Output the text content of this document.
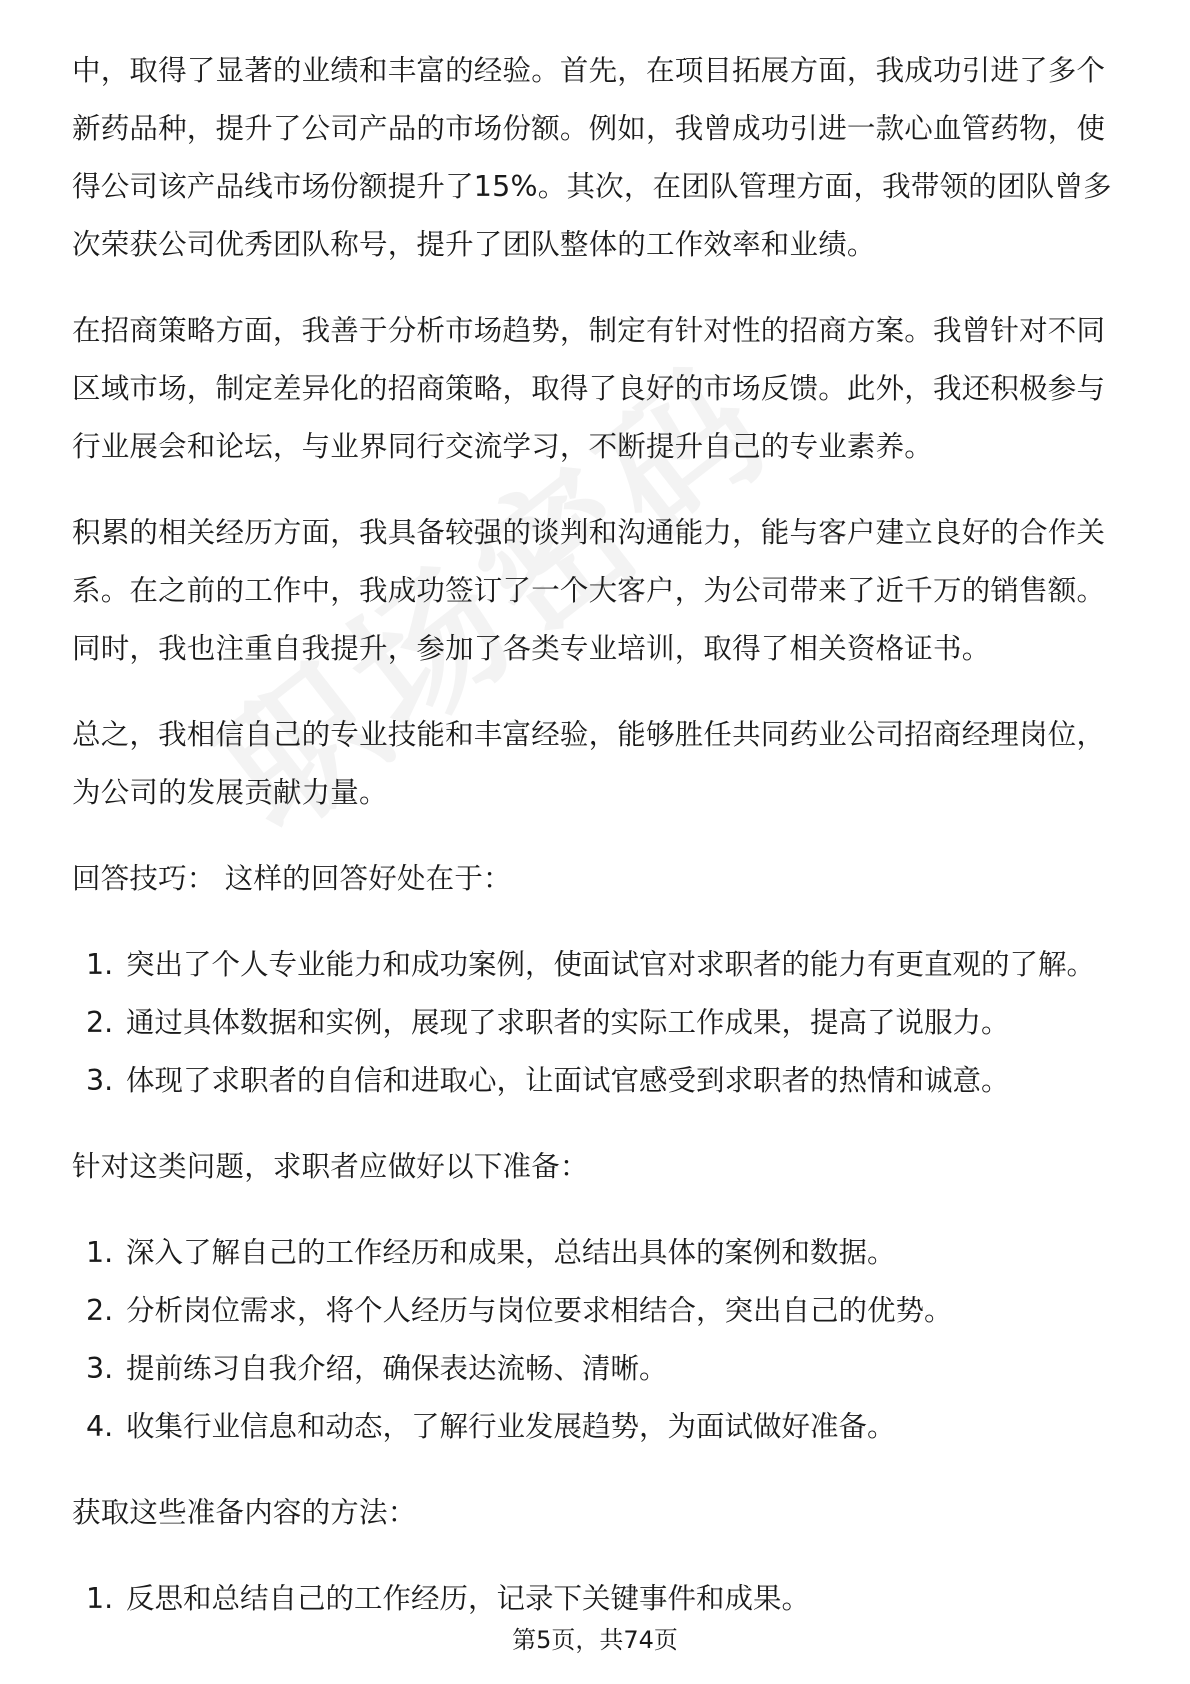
中，取得了显著的业绩和丰富的经验。首先，在项目拓展方面，我成功引进了多个

新药品种，提升了公司产品的市场份额。例如，我曾成功引进一款心血管药物，使

得公司该产品线市场份额提升了15%。其次，在团队管理方面，我带领的团队曾多

次荣获公司优秀团队称号，提升了团队整体的工作效率和业绩。

在招商策略方面，我善于分析市场趋势，制定有针对性的招商方案。我曾针对不同

区域市场，制定差异化的招商策略，取得了良好的市场反馈。此外，我还积极参与

行业展会和论坛，与业界同行交流学习，不断提升自己的专业素养。

积累的相关经历方面，我具备较强的谈判和沟通能力，能与客户建立良好的合作关

系。在之前的工作中，我成功签订了一个大客户，为公司带来了近千万的销售额。

同时，我也注重自我提升，参加了各类专业培训，取得了相关资格证书。

总之，我相信自己的专业技能和丰富经验，能够胜任共同药业公司招商经理岗位，

为公司的发展贡献力量。

回答技巧： 这样的回答好处在于：

1. 突出了个人专业能力和成功案例，使面试官对求职者的能力有更直观的了解。
2. 通过具体数据和实例，展现了求职者的实际工作成果，提高了说服力。
3. 体现了求职者的自信和进取心，让面试官感受到求职者的热情和诚意。

针对这类问题，求职者应做好以下准备：

1. 深入了解自己的工作经历和成果，总结出具体的案例和数据。
2. 分析岗位需求，将个人经历与岗位要求相结合，突出自己的优势。
3. 提前练习自我介绍，确保表达流畅、清晰。
4. 收集行业信息和动态，了解行业发展趋势，为面试做好准备。

获取这些准备内容的方法：

1. 反思和总结自己的工作经历，记录下关键事件和成果。
第5页，共74页
